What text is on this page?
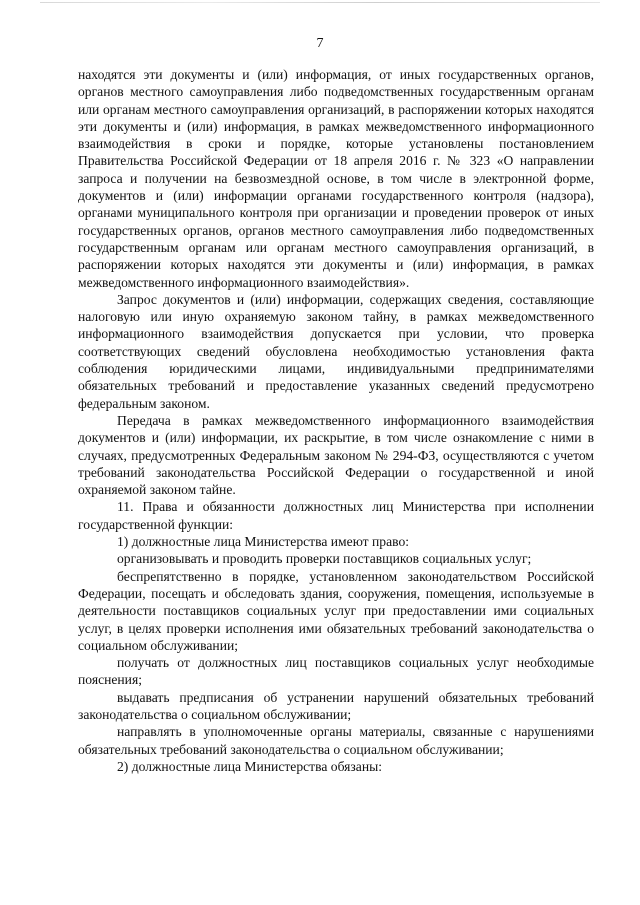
7

находятся эти документы и (или) информация, от иных государственных органов, органов местного самоуправления либо подведомственных государственным органам или органам местного самоуправления организаций, в распоряжении которых находятся эти документы и (или) информация, в рамках межведомственного информационного взаимодействия в сроки и порядке, которые установлены постановлением Правительства Российской Федерации от 18 апреля 2016 г. № 323 «О направлении запроса и получении на безвозмездной основе, в том числе в электронной форме, документов и (или) информации органами государственного контроля (надзора), органами муниципального контроля при организации и проведении проверок от иных государственных органов, органов местного самоуправления либо подведомственных государственным органам или органам местного самоуправления организаций, в распоряжении которых находятся эти документы и (или) информация, в рамках межведомственного информационного взаимодействия».

Запрос документов и (или) информации, содержащих сведения, составляющие налоговую или иную охраняемую законом тайну, в рамках межведомственного информационного взаимодействия допускается при условии, что проверка соответствующих сведений обусловлена необходимостью установления факта соблюдения юридическими лицами, индивидуальными предпринимателями обязательных требований и предоставление указанных сведений предусмотрено федеральным законом.

Передача в рамках межведомственного информационного взаимодействия документов и (или) информации, их раскрытие, в том числе ознакомление с ними в случаях, предусмотренных Федеральным законом № 294-ФЗ, осуществляются с учетом требований законодательства Российской Федерации о государственной и иной охраняемой законом тайне.

11. Права и обязанности должностных лиц Министерства при исполнении государственной функции:

1) должностные лица Министерства имеют право:

организовывать и проводить проверки поставщиков социальных услуг;

беспрепятственно в порядке, установленном законодательством Российской Федерации, посещать и обследовать здания, сооружения, помещения, используемые в деятельности поставщиков социальных услуг при предоставлении ими социальных услуг, в целях проверки исполнения ими обязательных требований законодательства о социальном обслуживании;

получать от должностных лиц поставщиков социальных услуг необходимые пояснения;

выдавать предписания об устранении нарушений обязательных требований законодательства о социальном обслуживании;

направлять в уполномоченные органы материалы, связанные с нарушениями обязательных требований законодательства о социальном обслуживании;

2) должностные лица Министерства обязаны:
